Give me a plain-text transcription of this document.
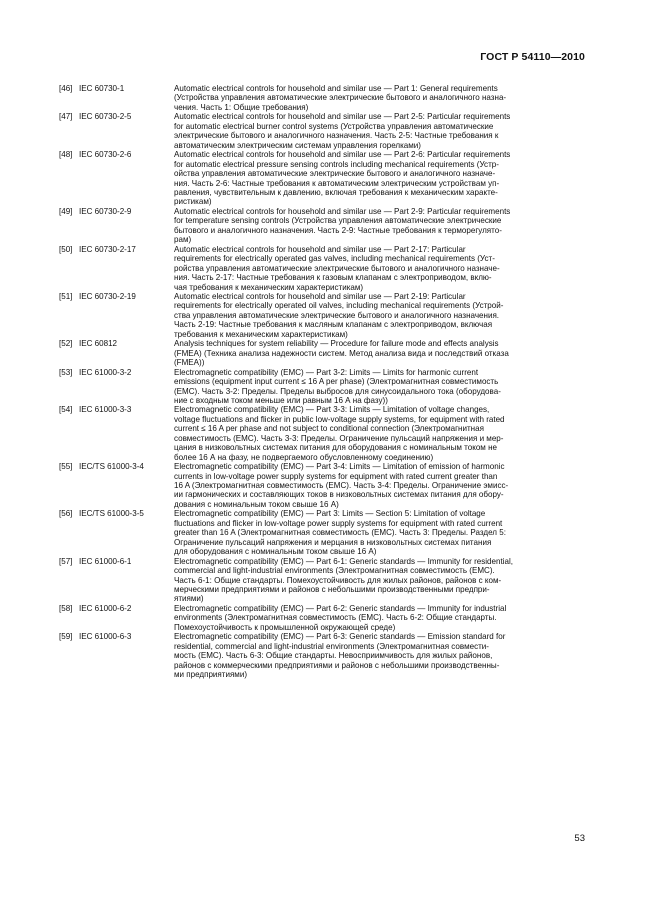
ГОСТ Р 54110—2010
[46] IEC 60730-1	Automatic electrical controls for household and similar use — Part 1: General requirements
(Устройства управления автоматические электрические бытового и аналогичного назна-
чения. Часть 1: Общие требования)
[47] IEC 60730-2-5	Automatic electrical controls for household and similar use — Part 2-5: Particular requirements
for automatic electrical burner control systems (Устройства управления автоматические
электрические бытового и аналогичного назначения. Часть 2-5: Частные требования к
автоматическим электрическим системам управления горелками)
[48] IEC 60730-2-6	Automatic electrical controls for household and similar use — Part 2-6: Particular requirements
for automatic electrical pressure sensing controls including mechanical requirements (Устр-
ойства управления автоматические электрические бытового и аналогичного назначе-
ния. Часть 2-6: Частные требования к автоматическим электрическим устройствам уп-
равления, чувствительным к давлению, включая требования к механическим характе-
ристикам)
[49] IEC 60730-2-9	Automatic electrical controls for household and similar use — Part 2-9: Particular requirements
for temperature sensing controls (Устройства управления автоматические электрические
бытового и аналогичного назначения. Часть 2-9: Частные требования к терморегулято-
рам)
[50] IEC 60730-2-17	Automatic electrical controls for household and similar use — Part 2-17: Particular
requirements for electrically operated gas valves, including mechanical requirements (Уст-
ройства управления автоматические электрические бытового и аналогичного назначе-
ния. Часть 2-17: Частные требования к газовым клапанам с электроприводом, вклю-
чая требования к механическим характеристикам)
[51] IEC 60730-2-19	Automatic electrical controls for household and similar use — Part 2-19: Particular
requirements for electrically operated oil valves, including mechanical requirements (Устрой-
ства управления автоматические электрические бытового и аналогичного назначения.
Часть 2-19: Частные требования к масляным клапанам с электроприводом, включая
требования к механическим характеристикам)
[52] IEC 60812	Analysis techniques for system reliability — Procedure for failure mode and effects analysis
(FMEA) (Техника анализа надежности систем. Метод анализа вида и последствий отказа
(FMEA))
[53] IEC 61000-3-2	Electromagnetic compatibility (EMC) — Part 3-2: Limits — Limits for harmonic current
emissions (equipment input current ≤ 16 A per phase) (Электромагнитная совместимость
(EMC). Часть 3-2: Пределы. Пределы выбросов для синусоидального тока (оборудова-
ние с входным током меньше или равным 16 А на фазу))
[54] IEC 61000-3-3	Electromagnetic compatibility (EMC) — Part 3-3: Limits — Limitation of voltage changes,
voltage fluctuations and flicker in public low-voltage supply systems, for equipment with rated
current ≤ 16 A per phase and not subject to conditional connection (Электромагнитная
совместимость (EMC). Часть 3-3: Пределы. Ограничение пульсаций напряжения и мер-
цания в низковольтных системах питания для оборудования с номинальным током не
более 16 А на фазу, не подвергаемого обусловленному соединению)
[55] IEC/TS 61000-3-4	Electromagnetic compatibility (EMC) — Part 3-4: Limits — Limitation of emission of harmonic
currents in low-voltage power supply systems for equipment with rated current greater than
16 A (Электромагнитная совместимость (EMC). Часть 3-4: Пределы. Ограничение эмисс-
ии гармонических и составляющих токов в низковольтных системах питания для обору-
дования с номинальным током свыше 16 А)
[56] IEC/TS 61000-3-5	Electromagnetic compatibility (EMC) — Part 3: Limits — Section 5: Limitation of voltage
fluctuations and flicker in low-voltage power supply systems for equipment with rated current
greater than 16 A (Электромагнитная совместимость (EMC). Часть 3: Пределы. Раздел 5:
Ограничение пульсаций напряжения и мерцания в низковольтных системах питания
для оборудования с номинальным током свыше 16 А)
[57] IEC 61000-6-1	Electromagnetic compatibility (EMC) — Part 6-1: Generic standards — Immunity for residential,
commercial and light-industrial environments (Электромагнитная совместимость (EMC).
Часть 6-1: Общие стандарты. Помехоустойчивость для жилых районов, районов с ком-
мерческими предприятиями и районов с небольшими производственными предпри-
ятиями)
[58] IEC 61000-6-2	Electromagnetic compatibility (EMC) — Part 6-2: Generic standards — Immunity for industrial
environments (Электромагнитная совместимость (EMC). Часть 6-2: Общие стандарты.
Помехоустойчивость к промышленной окружающей среде)
[59] IEC 61000-6-3	Electromagnetic compatibility (EMC) — Part 6-3: Generic standards — Emission standard for
residential, commercial and light-industrial environments (Электромагнитная совмести-
мость (EMC). Часть 6-3: Общие стандарты. Невосприимчивость для жилых районов,
районов с коммерческими предприятиями и районов с небольшими производственны-
ми предприятиями)
53
